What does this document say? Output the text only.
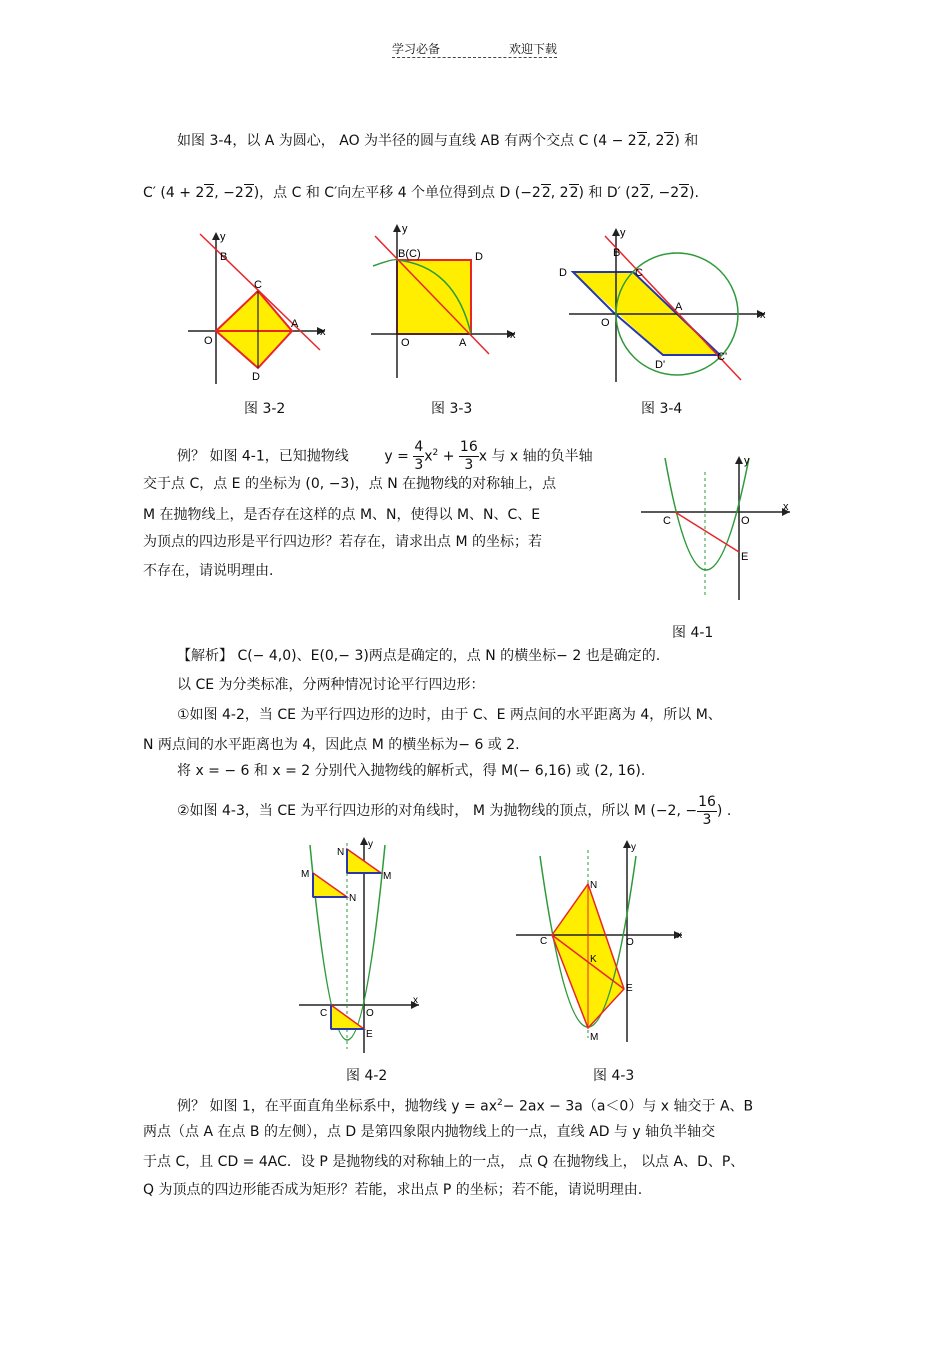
学习必备	欢迎下载

如图 3-4，以 A 为圆心， AO 为半径的圆与直线 AB 有两个交点 C (4 − 22, 22) 和
C′ (4 + 22, −22)，点 C 和 C′向左平移 4 个单位得到点 D (−22, 22) 和 D′ (22, −22).
x
y
O
A
B
C
D
图 3-2
x
y
O	A
B(C)	D
图 3-3
x
y
O
A
B
C
D
C'
D'
图 3-4
例？ 如图 4-1，已知抛物线	$y = \frac{4}{3} x^2 + \frac{16}{3}$ x 与 x 轴的负半轴
交于点 C，点 E 的坐标为 (0, −3)，点 N 在抛物线的对称轴上，点
M 在抛物线上，是否存在这样的点 M、N，使得以 M、N、C、E
为顶点的四边形是平行四边形？若存在，请求出点 M 的坐标；若
不存在，请说明理由.
x
y
C	O
E
图 4-1
【解析】 C(− 4,0)、E(0,− 3)两点是确定的，点 N 的横坐标− 2 也是确定的.
以 CE 为分类标准，分两种情况讨论平行四边形：
①如图 4-2，当 CE 为平行四边形的边时，由于 C、E 两点间的水平距离为 4，所以 M、
N 两点间的水平距离也为 4，因此点 M 的横坐标为− 6 或 2.
将 x = − 6 和 x = 2 分别代入抛物线的解析式，得 M(− 6,16) 或 (2, 16).
②如图 4-3，当 CE 为平行四边形的对角线时， M 为抛物线的顶点，所以 M (−2, − $\frac{16}{3}$ ) .
x
y
M
N
N
M
C	O
E
图 4-2
x
y
N
C	O
K
E
M
图 4-3
例？ 如图 1，在平面直角坐标系中，抛物线 $y = ax^2- 2ax - 3a(a<0)$与 x 轴交于 A、B
两点（点 A 在点 B 的左侧），点 D 是第四象限内抛物线上的一点，直线 AD 与 y 轴负半轴交
于点 C，且 CD = 4AC．设 P 是抛物线的对称轴上的一点， 点 Q 在抛物线上， 以点 A、D、P、
Q 为顶点的四边形能否成为矩形？若能，求出点 P 的坐标；若不能，请说明理由.
